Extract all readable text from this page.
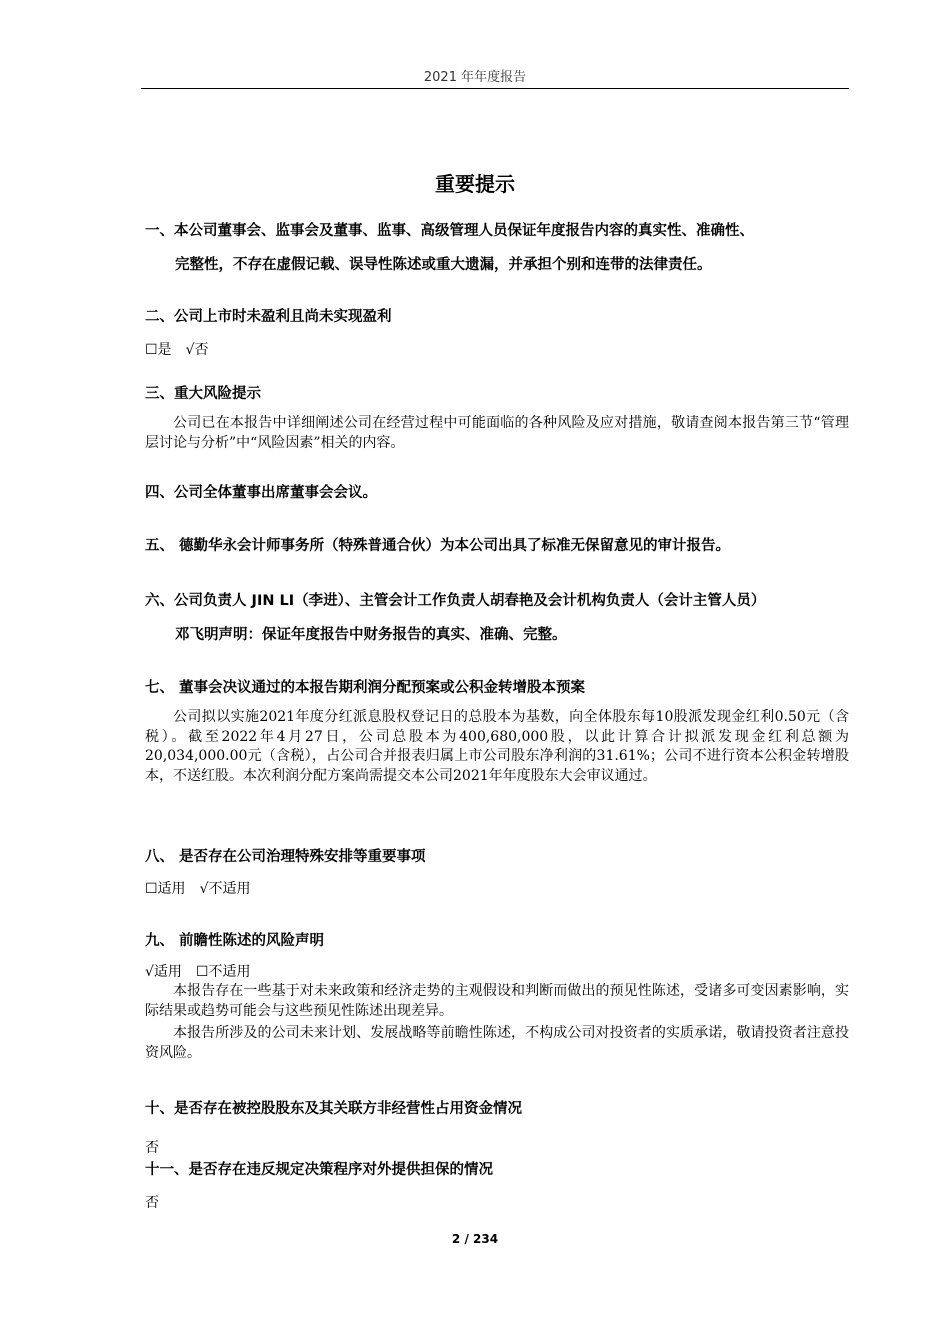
2021 年年度报告
重要提示
一、本公司董事会、监事会及董事、监事、高级管理人员保证年度报告内容的真实性、准确性、
完整性，不存在虚假记载、误导性陈述或重大遗漏，并承担个别和连带的法律责任。
二、公司上市时未盈利且尚未实现盈利
☐是 √否
三、重大风险提示
公司已在本报告中详细阐述公司在经营过程中可能面临的各种风险及应对措施，敬请查阅本报告第三节“管理层讨论与分析”中“风险因素”相关的内容。
四、公司全体董事出席董事会会议。
五、 德勤华永会计师事务所（特殊普通合伙）为本公司出具了标准无保留意见的审计报告。
六、公司负责人 JIN LI（李进）、主管会计工作负责人胡春艳及会计机构负责人（会计主管人员）
邓飞明声明：保证年度报告中财务报告的真实、准确、完整。
七、 董事会决议通过的本报告期利润分配预案或公积金转增股本预案
公司拟以实施2021年度分红派息股权登记日的总股本为基数，向全体股东每10股派发现金红利0.50元（含税）。截至2022年4月27日，公司总股本为400,680,000股，以此计算合计拟派发现金红利总额为20,034,000.00元（含税），占公司合并报表归属上市公司股东净利润的31.61%；公司不进行资本公积金转增股本，不送红股。本次利润分配方案尚需提交本公司2021年年度股东大会审议通过。
八、 是否存在公司治理特殊安排等重要事项
☐适用 √不适用
九、 前瞻性陈述的风险声明
√适用 ☐不适用
本报告存在一些基于对未来政策和经济走势的主观假设和判断而做出的预见性陈述，受诸多可变因素影响，实际结果或趋势可能会与这些预见性陈述出现差异。
本报告所涉及的公司未来计划、发展战略等前瞻性陈述，不构成公司对投资者的实质承诺，敬请投资者注意投资风险。
十、是否存在被控股股东及其关联方非经营性占用资金情况
否
十一、是否存在违反规定决策程序对外提供担保的情况
否
2 / 234
